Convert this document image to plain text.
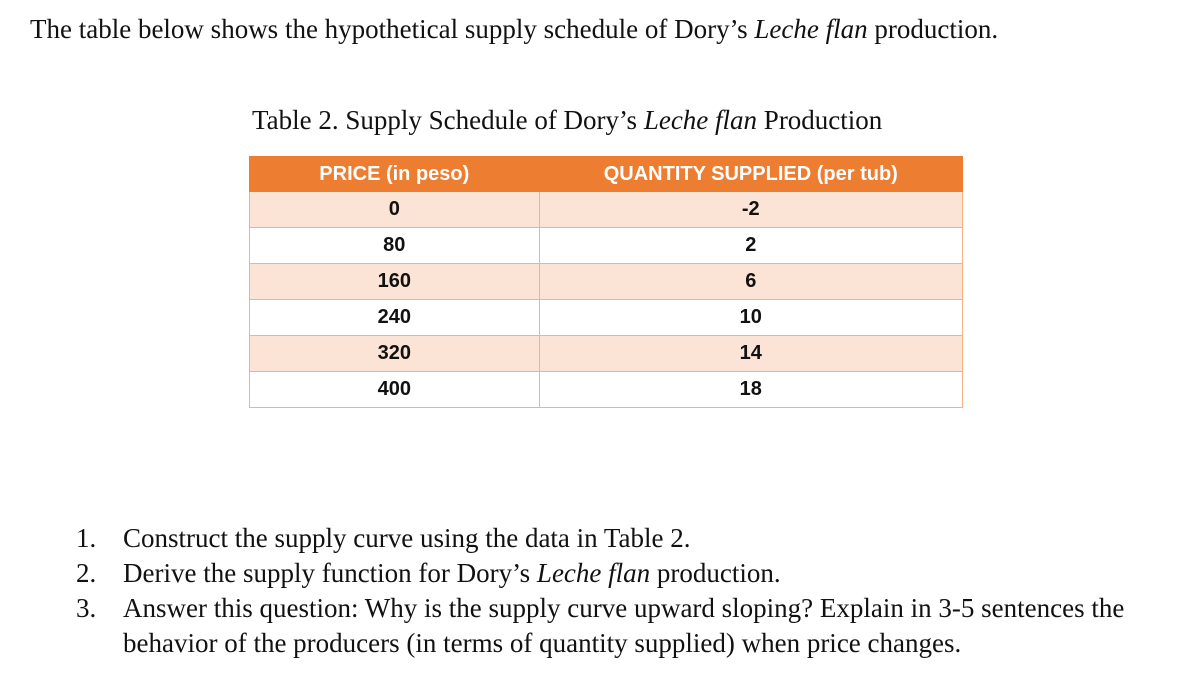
The table below shows the hypothetical supply schedule of Dory’s Leche flan production.

Table 2. Supply Schedule of Dory’s Leche flan Production

PRICE (in peso)	QUANTITY SUPPLIED (per tub)
0	-2
80	2
160	6
240	10
320	14
400	18
1. Construct the supply curve using the data in Table 2.
2. Derive the supply function for Dory’s Leche flan production.
3. Answer this question: Why is the supply curve upward sloping? Explain in 3-5 sentences the behavior of the producers (in terms of quantity supplied) when price changes.
